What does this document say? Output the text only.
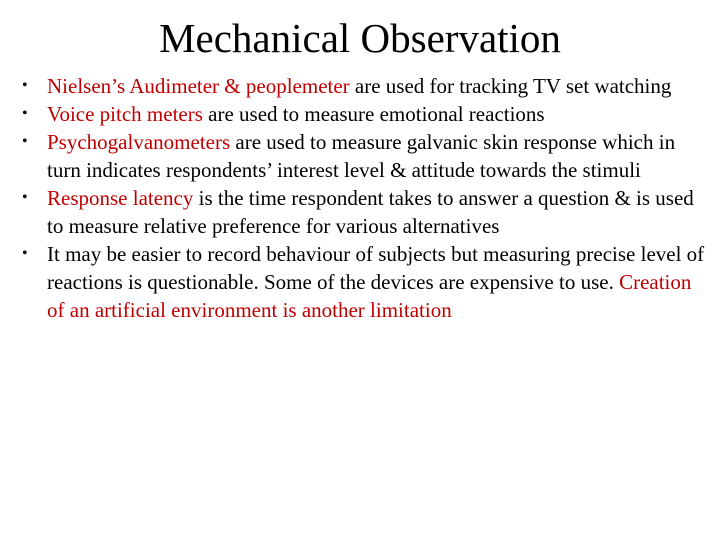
Mechanical Observation
• Nielsen’s Audimeter & peoplemeter are used for tracking TV set watching
• Voice pitch meters are used to measure emotional reactions
• Psychogalvanometers are used to measure galvanic skin response which in turn indicates respondents’ interest level & attitude towards the stimuli
• Response latency is the time respondent takes to answer a question & is used to measure relative preference for various alternatives
• It may be easier to record behaviour of subjects but measuring precise level of reactions is questionable. Some of the devices are expensive to use. Creation of an artificial environment is another limitation
